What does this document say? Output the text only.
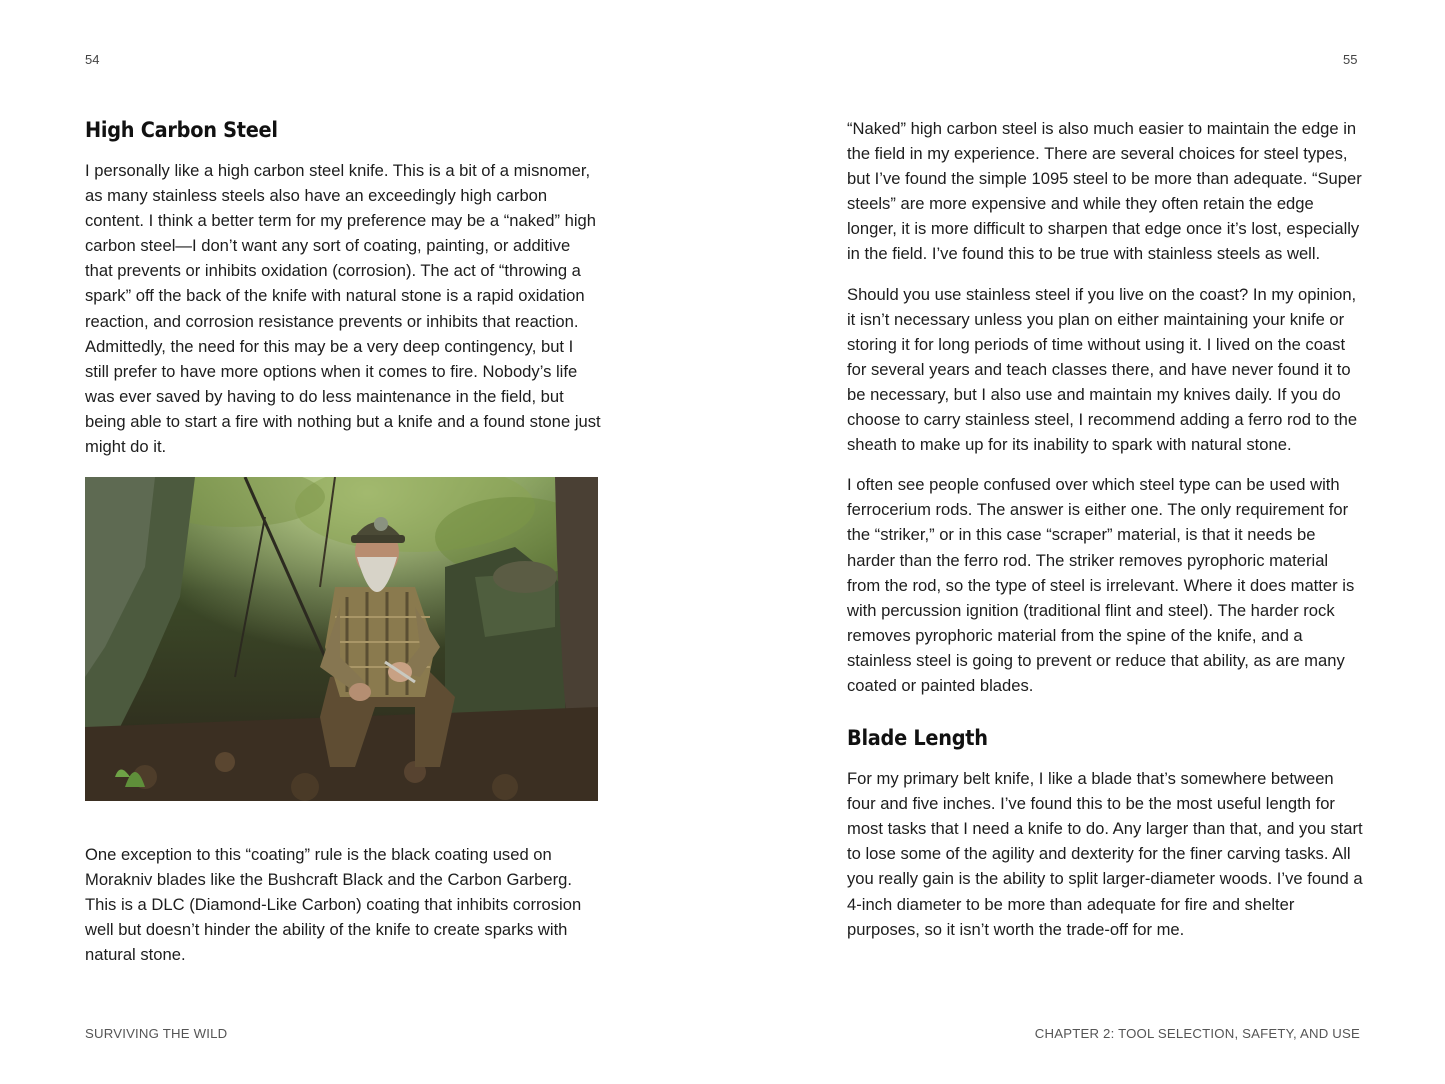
54	55
High Carbon Steel

I personally like a high carbon steel knife. This is a bit of a misnomer, as many stainless steels also have an exceedingly high carbon content. I think a better term for my preference may be a “naked” high carbon steel—I don’t want any sort of coating, painting, or additive that prevents or inhibits oxidation (corrosion). The act of “throwing a spark” off the back of the knife with natural stone is a rapid oxidation reaction, and corrosion resistance prevents or inhibits that reaction. Admittedly, the need for this may be a very deep contingency, but I still prefer to have more options when it comes to fire. Nobody’s life was ever saved by having to do less maintenance in the field, but being able to start a fire with nothing but a knife and a found stone just might do it.

One exception to this “coating” rule is the black coating used on Morakniv blades like the Bushcraft Black and the Carbon Garberg. This is a DLC (Diamond-Like Carbon) coating that inhibits corrosion well but doesn’t hinder the ability of the knife to create sparks with natural stone.

“Naked” high carbon steel is also much easier to maintain the edge in the field in my experience. There are several choices for steel types, but I’ve found the simple 1095 steel to be more than adequate. “Super steels” are more expensive and while they often retain the edge longer, it is more difficult to sharpen that edge once it’s lost, especially in the field. I’ve found this to be true with stainless steels as well.

Should you use stainless steel if you live on the coast? In my opinion, it isn’t necessary unless you plan on either maintaining your knife or storing it for long periods of time without using it. I lived on the coast for several years and teach classes there, and have never found it to be necessary, but I also use and maintain my knives daily. If you do choose to carry stainless steel, I recommend adding a ferro rod to the sheath to make up for its inability to spark with natural stone.

I often see people confused over which steel type can be used with ferrocerium rods. The answer is either one. The only requirement for the “striker,” or in this case “scraper” material, is that it needs be harder than the ferro rod. The striker removes pyrophoric material from the rod, so the type of steel is irrelevant. Where it does matter is with percussion ignition (traditional flint and steel). The harder rock removes pyrophoric material from the spine of the knife, and a stainless steel is going to prevent or reduce that ability, as are many coated or painted blades.

Blade Length

For my primary belt knife, I like a blade that’s somewhere between four and five inches. I’ve found this to be the most useful length for most tasks that I need a knife to do. Any larger than that, and you start to lose some of the agility and dexterity for the finer carving tasks. All you really gain is the ability to split larger-diameter woods. I’ve found a 4-inch diameter to be more than adequate for fire and shelter purposes, so it isn’t worth the trade-off for me.

SURVIVING THE WILD	CHAPTER 2: TOOL SELECTION, SAFETY, AND USE
